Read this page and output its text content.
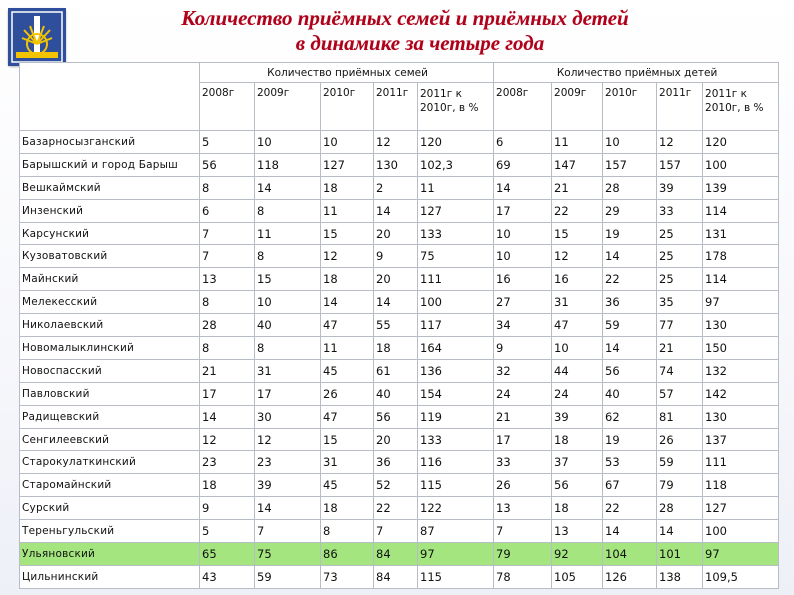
Количество приёмных семей и приёмных детей
в динамике за четыре года
	Количество приёмных семей					Количество приёмных детей				
	2008г	2009г	2010г	2011г	2011г к 2010г, в %	2008г	2009г	2010г	2011г	2011г к 2010г, в %
Базарносызганский	5	10	10	12	120	6	11	10	12	120
Барышский и город Барыш	56	118	127	130	102,3	69	147	157	157	100
Вешкаймский	8	14	18	2	11	14	21	28	39	139
Инзенский	6	8	11	14	127	17	22	29	33	114
Карсунский	7	11	15	20	133	10	15	19	25	131
Кузоватовский	7	8	12	9	75	10	12	14	25	178
Майнский	13	15	18	20	111	16	16	22	25	114
Мелекесский	8	10	14	14	100	27	31	36	35	97
Николаевский	28	40	47	55	117	34	47	59	77	130
Новомалыклинский	8	8	11	18	164	9	10	14	21	150
Новоспасский	21	31	45	61	136	32	44	56	74	132
Павловский	17	17	26	40	154	24	24	40	57	142
Радищевский	14	30	47	56	119	21	39	62	81	130
Сенгилеевский	12	12	15	20	133	17	18	19	26	137
Старокулаткинский	23	23	31	36	116	33	37	53	59	111
Старомайнский	18	39	45	52	115	26	56	67	79	118
Сурский	9	14	18	22	122	13	18	22	28	127
Тереньгульский	5	7	8	7	87	7	13	14	14	100
Ульяновский	65	75	86	84	97	79	92	104	101	97
Цильнинский	43	59	73	84	115	78	105	126	138	109,5
